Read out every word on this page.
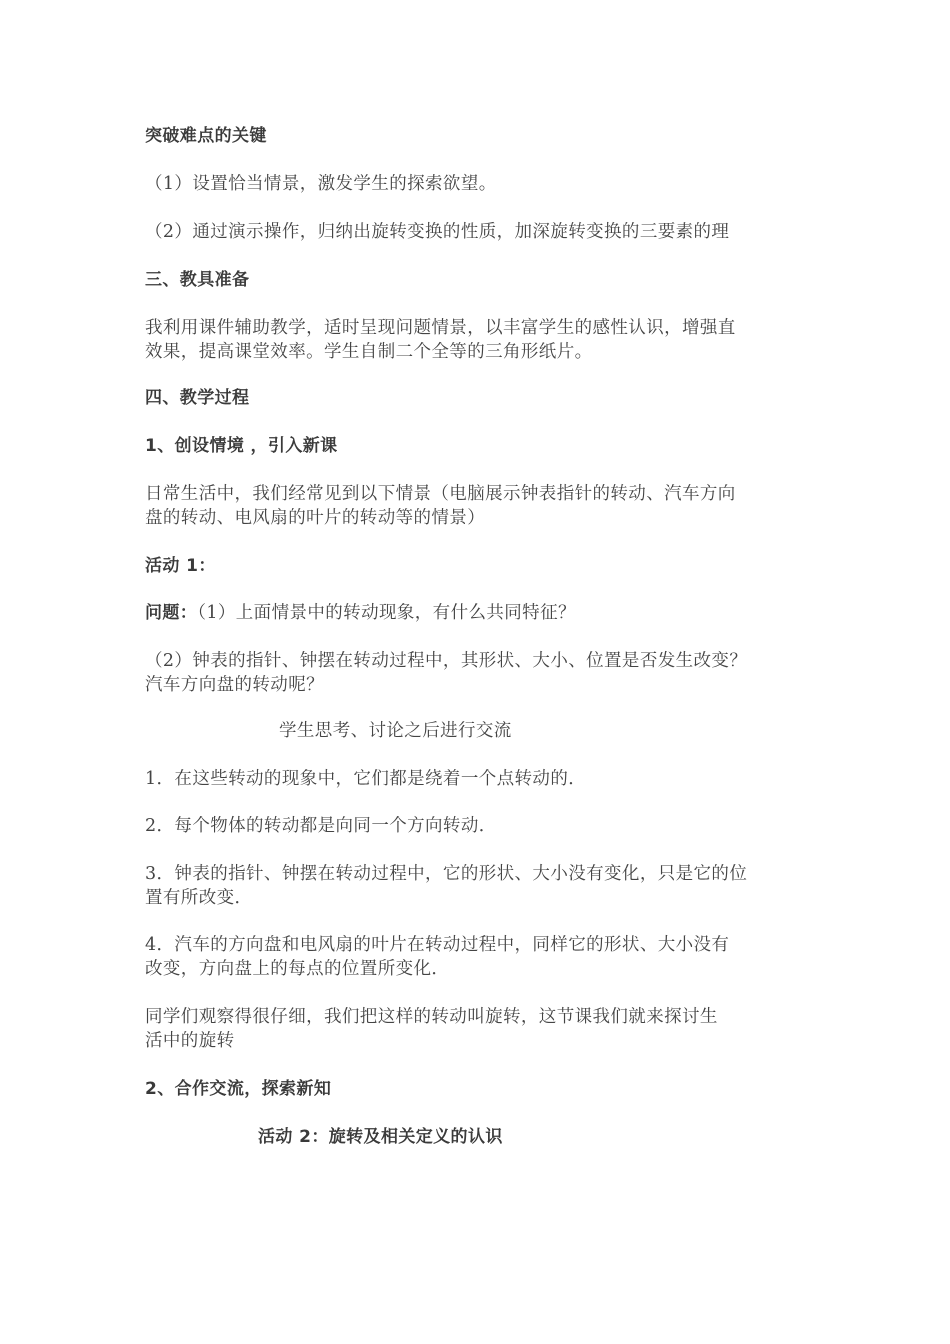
突破难点的关键
（1）设置恰当情景，激发学生的探索欲望。
（2）通过演示操作，归纳出旋转变换的性质，加深旋转变换的三要素的理
三、教具准备
我利用课件辅助教学，适时呈现问题情景，以丰富学生的感性认识，增强直
效果，提高课堂效率。学生自制二个全等的三角形纸片。
四、教学过程
1、创设情境 ，引入新课
日常生活中，我们经常见到以下情景（电脑展示钟表指针的转动、汽车方向
盘的转动、电风扇的叶片的转动等的情景）
活动 1：
问题：（1）上面情景中的转动现象，有什么共同特征？
（2）钟表的指针、钟摆在转动过程中，其形状、大小、位置是否发生改变？
汽车方向盘的转动呢？
学生思考、讨论之后进行交流
1．在这些转动的现象中，它们都是绕着一个点转动的．
2．每个物体的转动都是向同一个方向转动．
3．钟表的指针、钟摆在转动过程中，它的形状、大小没有变化，只是它的位
置有所改变．
4．汽车的方向盘和电风扇的叶片在转动过程中，同样它的形状、大小没有
改变，方向盘上的每点的位置所变化．
同学们观察得很仔细，我们把这样的转动叫旋转，这节课我们就来探讨生
活中的旋转
2、合作交流，探索新知
活动 2：旋转及相关定义的认识
